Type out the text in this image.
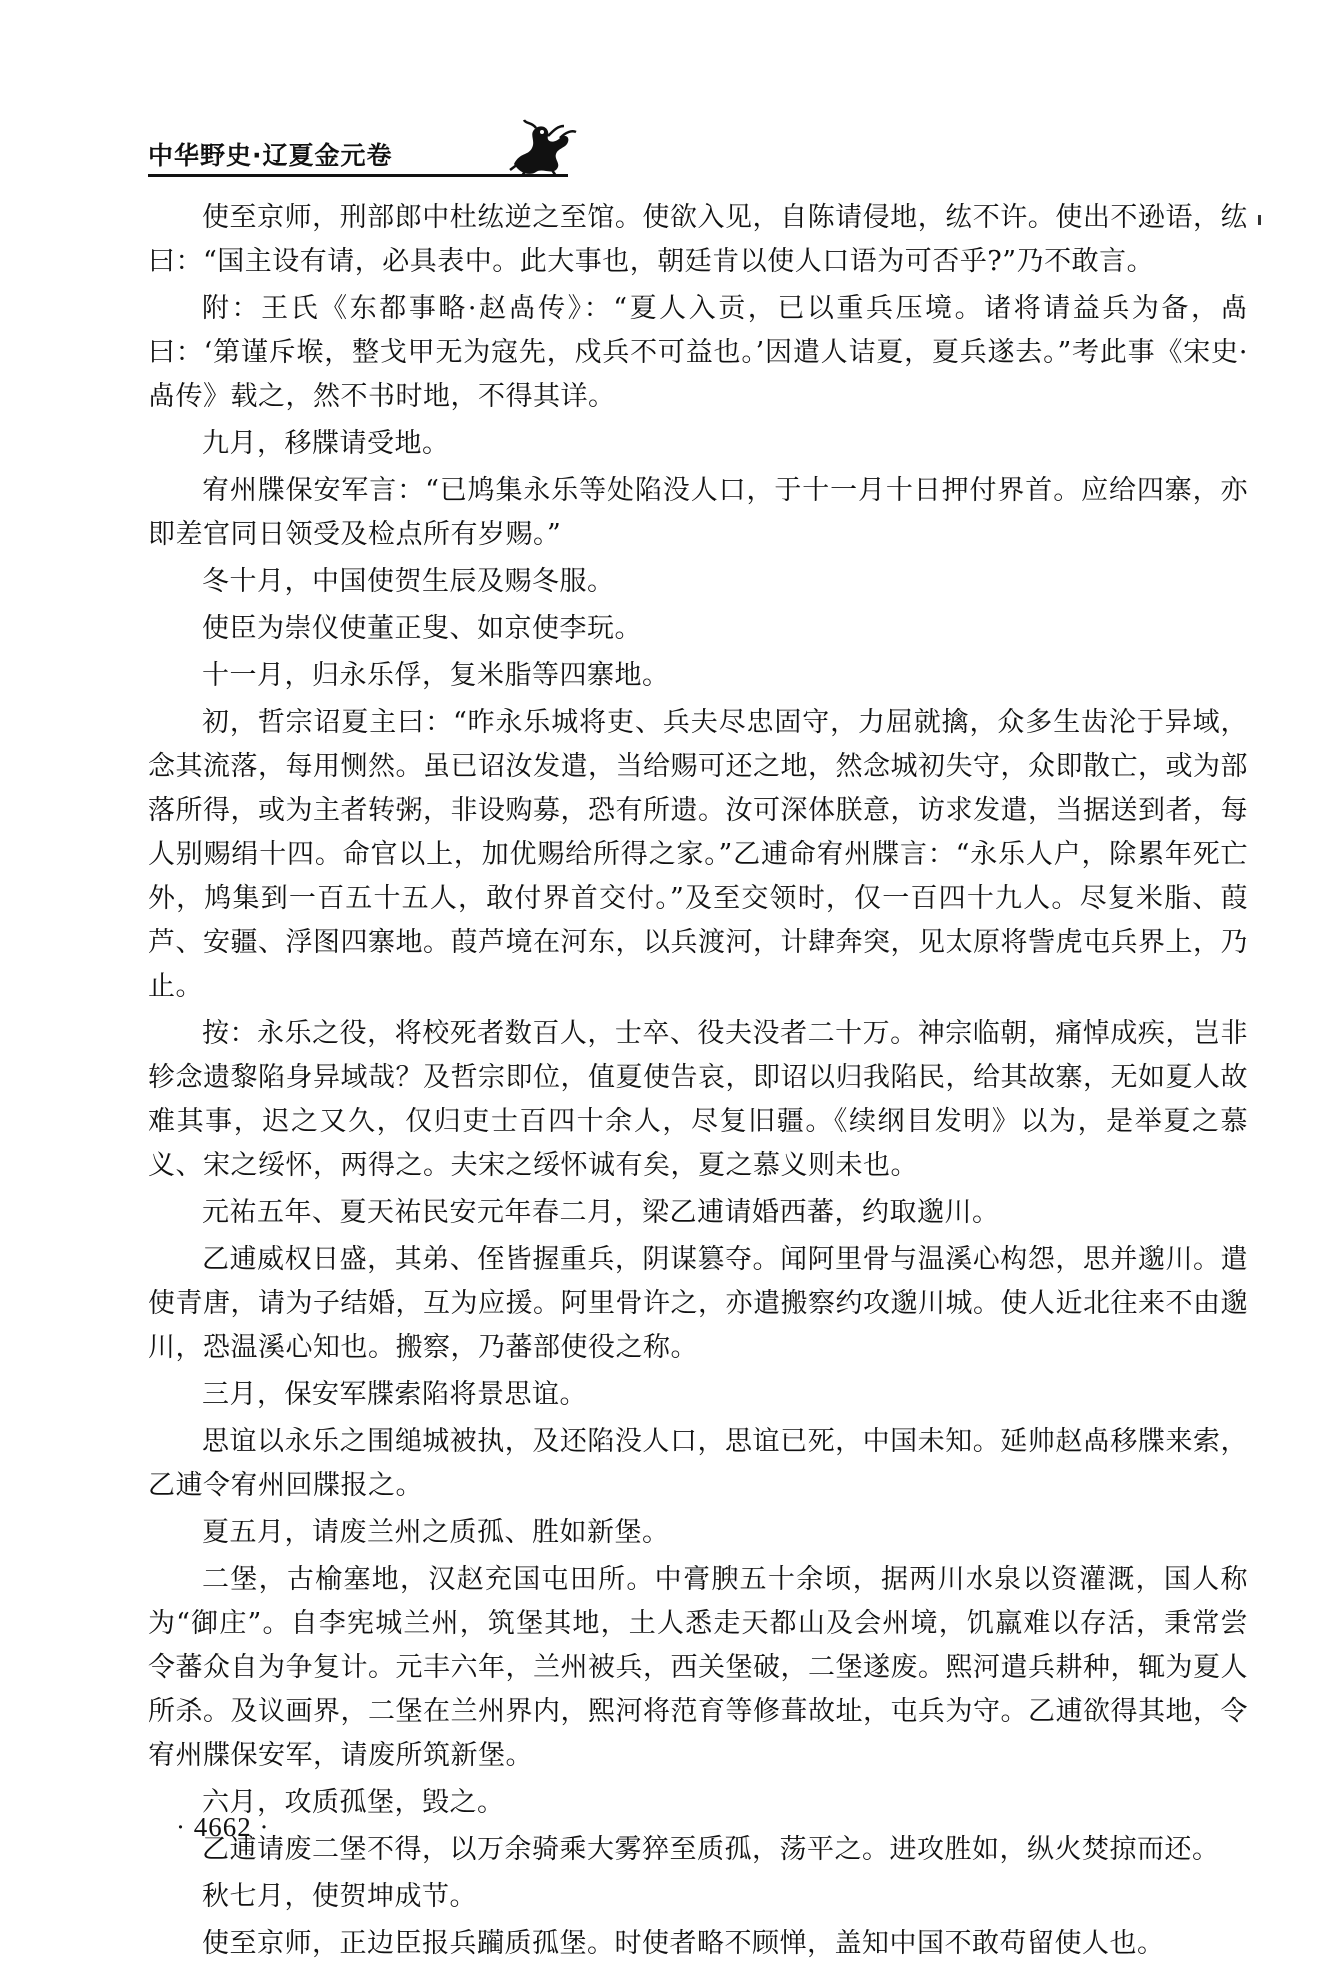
中华野史·辽夏金元卷

使至京师，刑部郎中杜纮逆之至馆。使欲入见，自陈请侵地，纮不许。使出不逊语，纮曰：“国主设有请，必具表中。此大事也，朝廷肯以使人口语为可否乎?”乃不敢言。

附：王氏《东都事略·赵卨传》：“夏人入贡，已以重兵压境。诸将请益兵为备，卨曰：‘第谨斥堠，整戈甲无为寇先，戍兵不可益也。’因遣人诘夏，夏兵遂去。”考此事《宋史·卨传》载之，然不书时地，不得其详。

九月，移牒请受地。

宥州牒保安军言：“已鸠集永乐等处陷没人口，于十一月十日押付界首。应给四寨，亦即差官同日领受及检点所有岁赐。”

冬十月，中国使贺生辰及赐冬服。

使臣为崇仪使董正叟、如京使李玩。

十一月，归永乐俘，复米脂等四寨地。

初，哲宗诏夏主曰：“昨永乐城将吏、兵夫尽忠固守，力屈就擒，众多生齿沦于异域，念其流落，每用恻然。虽已诏汝发遣，当给赐可还之地，然念城初失守，众即散亡，或为部落所得，或为主者转粥，非设购募，恐有所遗。汝可深体朕意，访求发遣，当据送到者，每人别赐绢十四。命官以上，加优赐给所得之家。”乙逋命宥州牒言：“永乐人户，除累年死亡外，鸠集到一百五十五人，敢付界首交付。”及至交领时，仅一百四十九人。尽复米脂、葭芦、安疆、浮图四寨地。葭芦境在河东，以兵渡河，计肆奔突，见太原将訾虎屯兵界上，乃止。

按：永乐之役，将校死者数百人，士卒、役夫没者二十万。神宗临朝，痛悼成疾，岂非轸念遗黎陷身异域哉？及哲宗即位，值夏使告哀，即诏以归我陷民，给其故寨，无如夏人故难其事，迟之又久，仅归吏士百四十余人，尽复旧疆。《续纲目发明》以为，是举夏之慕义、宋之绥怀，两得之。夫宋之绥怀诚有矣，夏之慕义则未也。

元祐五年、夏天祐民安元年春二月，梁乙逋请婚西蕃，约取邈川。

乙逋威权日盛，其弟、侄皆握重兵，阴谋篡夺。闻阿里骨与温溪心构怨，思并邈川。遣使青唐，请为子结婚，互为应援。阿里骨许之，亦遣搬察约攻邈川城。使人近北往来不由邈川，恐温溪心知也。搬察，乃蕃部使役之称。

三月，保安军牒索陷将景思谊。

思谊以永乐之围缒城被执，及还陷没人口，思谊已死，中国未知。延帅赵卨移牒来索，乙逋令宥州回牒报之。

夏五月，请废兰州之质孤、胜如新堡。

二堡，古榆塞地，汉赵充国屯田所。中膏腴五十余顷，据两川水泉以资灌溉，国人称为“御庄”。自李宪城兰州，筑堡其地，土人悉走天都山及会州境，饥羸难以存活，秉常尝令蕃众自为争复计。元丰六年，兰州被兵，西关堡破，二堡遂废。熙河遣兵耕种，辄为夏人所杀。及议画界，二堡在兰州界内，熙河将范育等修葺故址，屯兵为守。乙逋欲得其地，令宥州牒保安军，请废所筑新堡。

六月，攻质孤堡，毁之。

乙逋请废二堡不得，以万余骑乘大雾猝至质孤，荡平之。进攻胜如，纵火焚掠而还。

秋七月，使贺坤成节。

使至京师，正边臣报兵躏质孤堡。时使者略不顾惮，盖知中国不敢苟留使人也。

· 4662 ·
